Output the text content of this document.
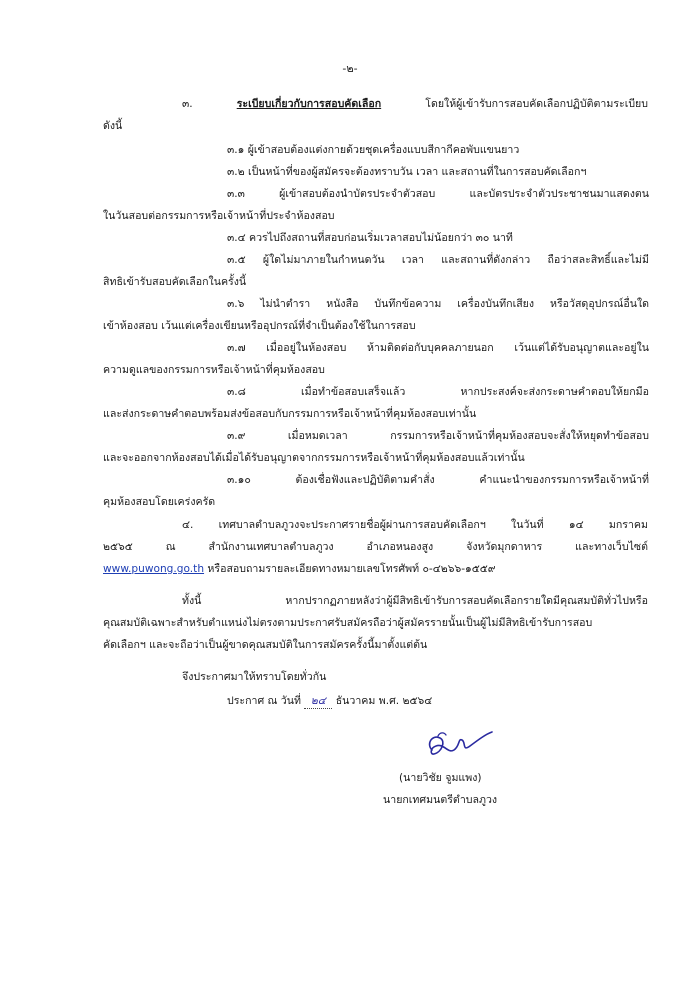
-๒-
๓.	ระเบียบเกี่ยวกับการสอบคัดเลือก	โดยให้ผู้เข้ารับการสอบคัดเลือกปฏิบัติตามระเบียบ
ดังนี้
๓.๑ ผู้เข้าสอบต้องแต่งกายด้วยชุดเครื่องแบบสีกากีคอพับแขนยาว
๓.๒ เป็นหน้าที่ของผู้สมัครจะต้องทราบวัน เวลา และสถานที่ในการสอบคัดเลือกฯ
๓.๓ ผู้เข้าสอบต้องนำบัตรประจำตัวสอบ และบัตรประจำตัวประชาชนมาแสดงตน
ในวันสอบต่อกรรมการหรือเจ้าหน้าที่ประจำห้องสอบ
๓.๔ ควรไปถึงสถานที่สอบก่อนเริ่มเวลาสอบไม่น้อยกว่า ๓๐ นาที
๓.๕ ผู้ใดไม่มาภายในกำหนดวัน เวลา และสถานที่ดังกล่าว ถือว่าสละสิทธิ์และไม่มี
สิทธิเข้ารับสอบคัดเลือกในครั้งนี้
๓.๖ ไม่นำตำรา หนังสือ บันทึกข้อความ เครื่องบันทึกเสียง หรือวัสดุอุปกรณ์อื่นใด
เข้าห้องสอบ เว้นแต่เครื่องเขียนหรืออุปกรณ์ที่จำเป็นต้องใช้ในการสอบ
๓.๗ เมื่ออยู่ในห้องสอบ ห้ามติดต่อกับบุคคลภายนอก เว้นแต่ได้รับอนุญาตและอยู่ใน
ความดูแลของกรรมการหรือเจ้าหน้าที่คุมห้องสอบ
๓.๘ เมื่อทำข้อสอบเสร็จแล้ว หากประสงค์จะส่งกระดาษคำตอบให้ยกมือ
และส่งกระดาษคำตอบพร้อมส่งข้อสอบกับกรรมการหรือเจ้าหน้าที่คุมห้องสอบเท่านั้น
๓.๙ เมื่อหมดเวลา กรรมการหรือเจ้าหน้าที่คุมห้องสอบจะสั่งให้หยุดทำข้อสอบ
และจะออกจากห้องสอบได้เมื่อได้รับอนุญาตจากกรรมการหรือเจ้าหน้าที่คุมห้องสอบแล้วเท่านั้น
๓.๑๐ ต้องเชื่อฟังและปฏิบัติตามคำสั่ง คำแนะนำของกรรมการหรือเจ้าหน้าที่
คุมห้องสอบโดยเคร่งครัด
๔. เทศบาลตำบลภูวงจะประกาศรายชื่อผู้ผ่านการสอบคัดเลือกฯ ในวันที่ ๑๔ มกราคม
๒๕๖๕ ณ สำนักงานเทศบาลตำบลภูวง อำเภอหนองสูง จังหวัดมุกดาหาร และทางเว็บไซต์
www.puwong.go.th หรือสอบถามรายละเอียดทางหมายเลขโทรศัพท์ ๐-๔๒๖๖-๑๕๕๙
ทั้งนี้ หากปรากฏภายหลังว่าผู้มีสิทธิเข้ารับการสอบคัดเลือกรายใดมีคุณสมบัติทั่วไปหรือ
คุณสมบัติเฉพาะสำหรับตำแหน่งไม่ตรงตามประกาศรับสมัครถือว่าผู้สมัครรายนั้นเป็นผู้ไม่มีสิทธิเข้ารับการสอบ
คัดเลือกฯ และจะถือว่าเป็นผู้ขาดคุณสมบัติในการสมัครครั้งนี้มาตั้งแต่ต้น
จึงประกาศมาให้ทราบโดยทั่วกัน
ประกาศ ณ วันที่ ๒๔ ธันวาคม พ.ศ. ๒๕๖๔
(นายวิชัย จูมแพง)
นายกเทศมนตรีตำบลภูวง
